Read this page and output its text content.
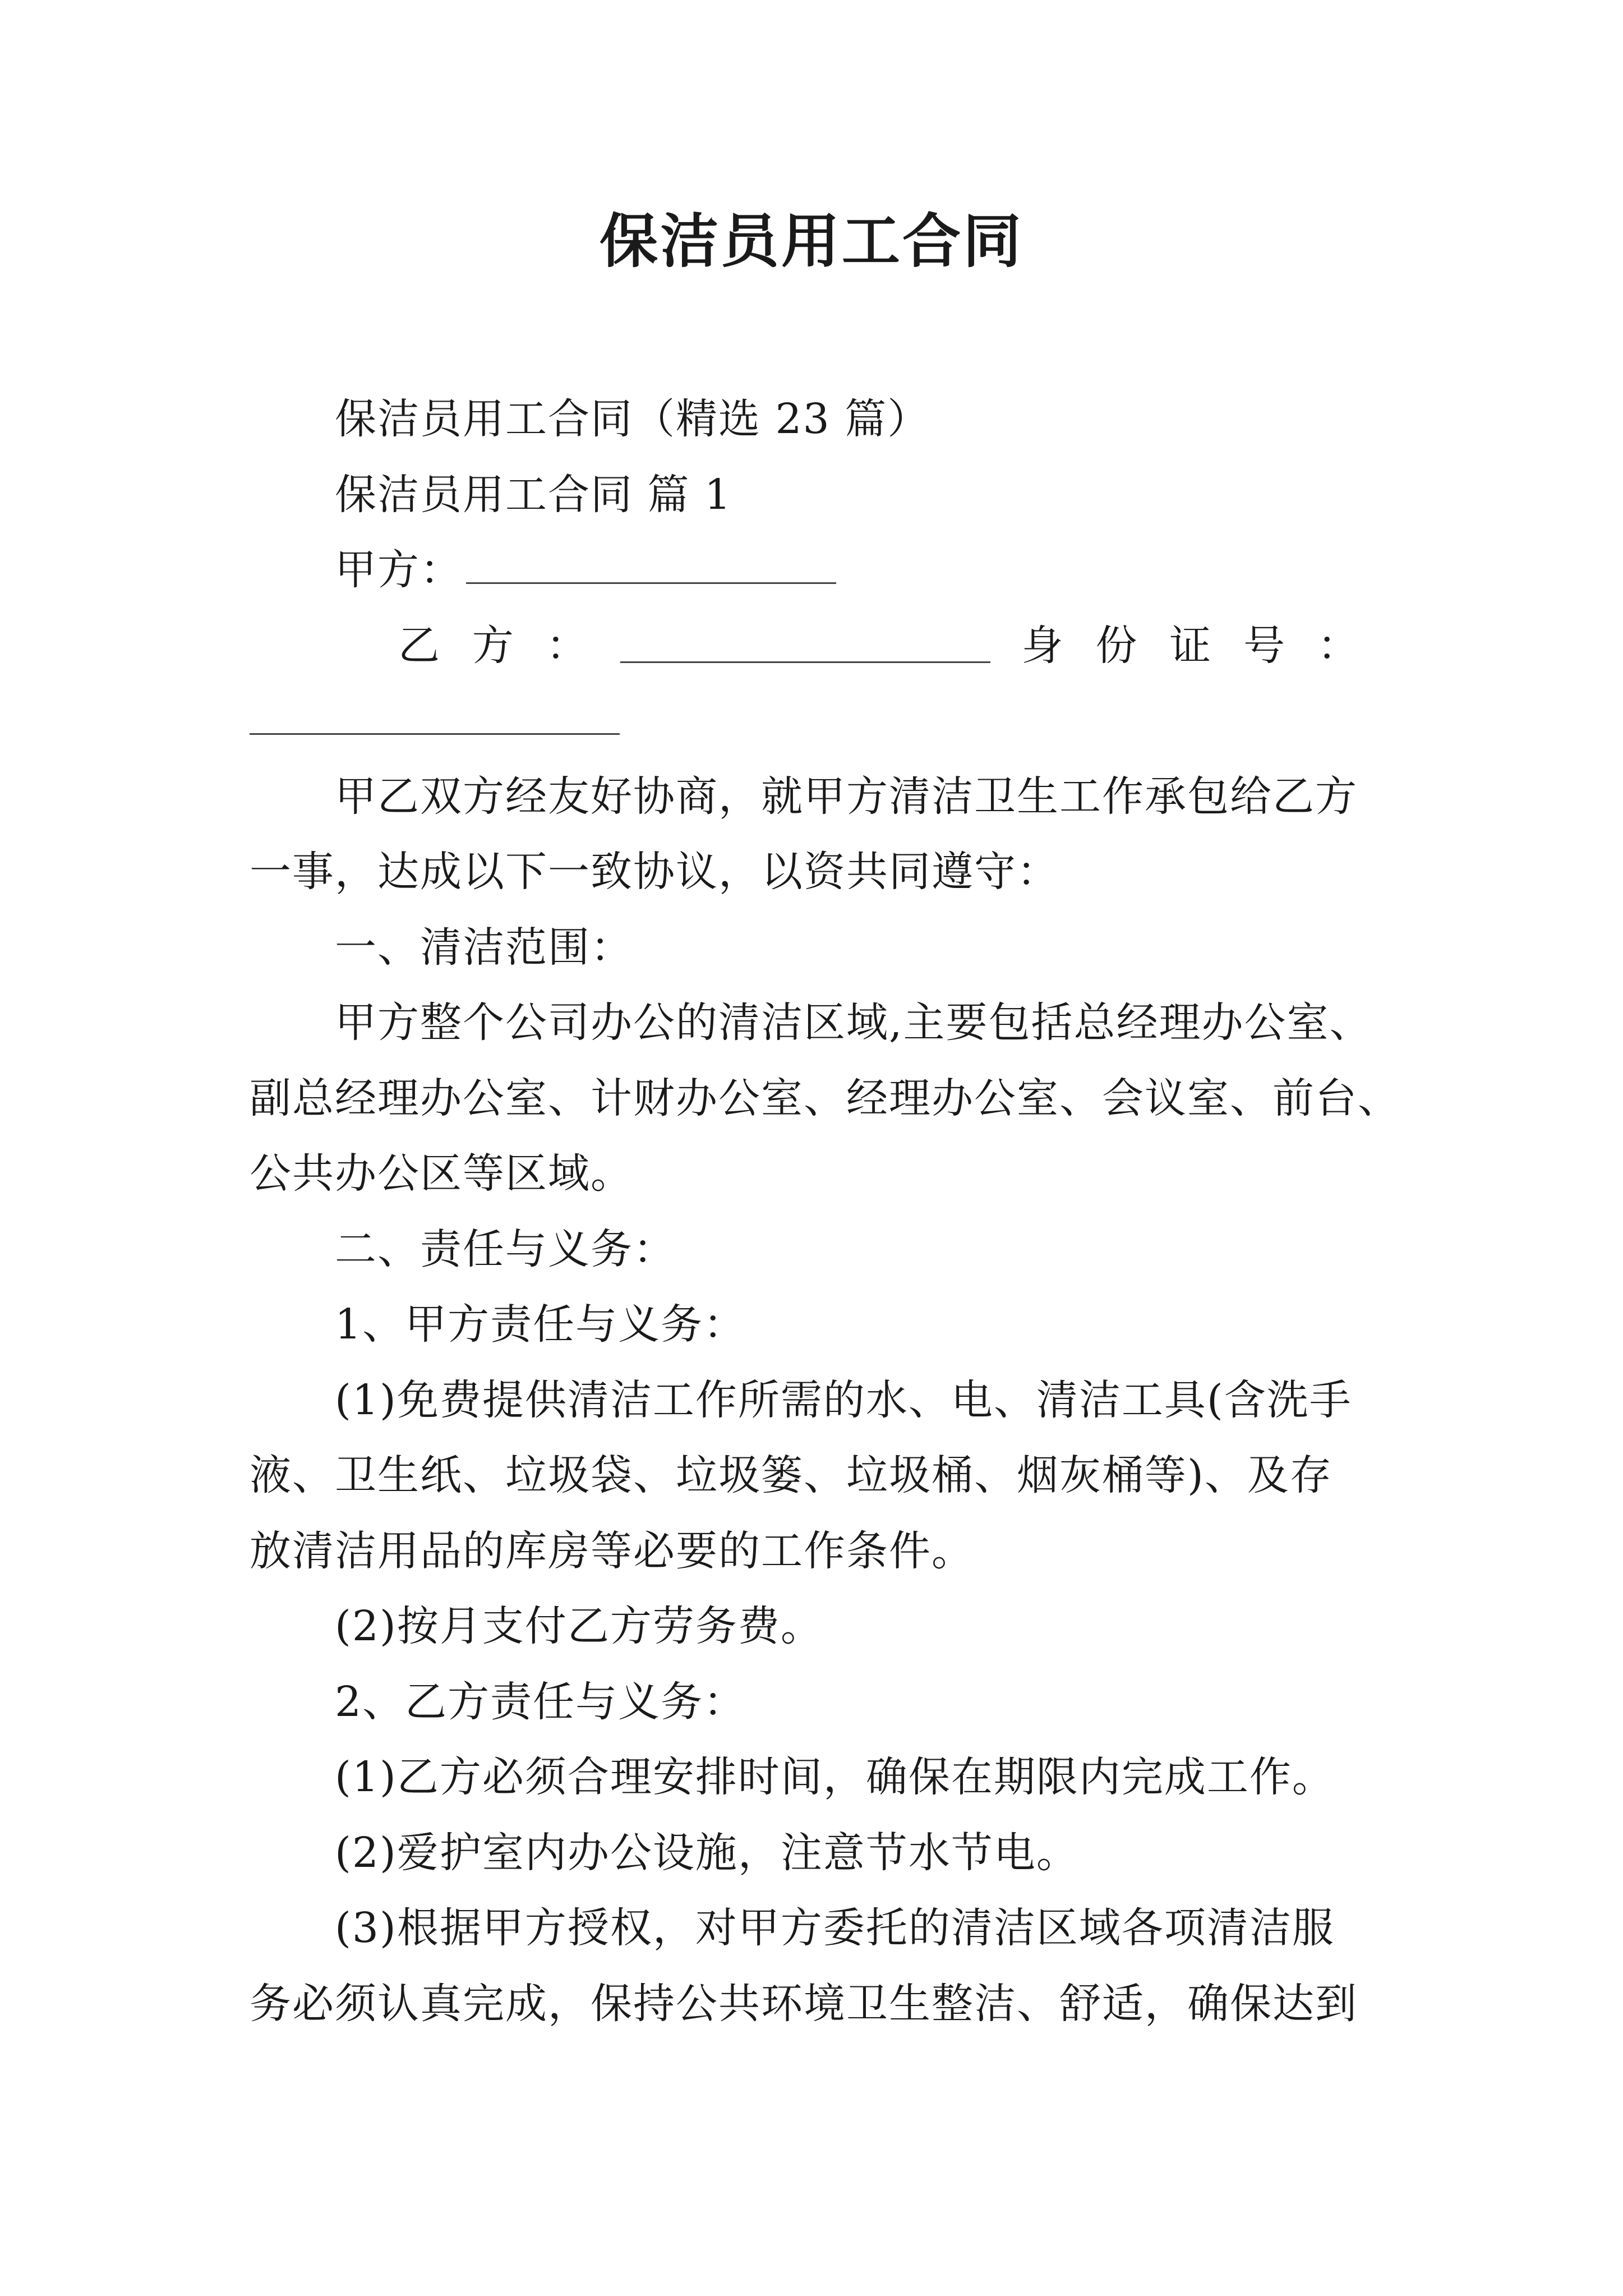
保洁员用工合同
保洁员用工合同（精选 23 篇）
保洁员用工合同 篇 1
甲方：
乙 方 ：	身 份 证 号 ：
甲乙双方经友好协商，就甲方清洁卫生工作承包给乙方
一事，达成以下一致协议，以资共同遵守：
一、清洁范围：
甲方整个公司办公的清洁区域,主要包括总经理办公室、
副总经理办公室、计财办公室、经理办公室、会议室、前台、
公共办公区等区域。
二、责任与义务：
1、甲方责任与义务：
(1)免费提供清洁工作所需的水、电、清洁工具(含洗手
液、卫生纸、垃圾袋、垃圾篓、垃圾桶、烟灰桶等)、及存
放清洁用品的库房等必要的工作条件。
(2)按月支付乙方劳务费。
2、乙方责任与义务：
(1)乙方必须合理安排时间，确保在期限内完成工作。
(2)爱护室内办公设施，注意节水节电。
(3)根据甲方授权，对甲方委托的清洁区域各项清洁服
务必须认真完成，保持公共环境卫生整洁、舒适，确保达到
